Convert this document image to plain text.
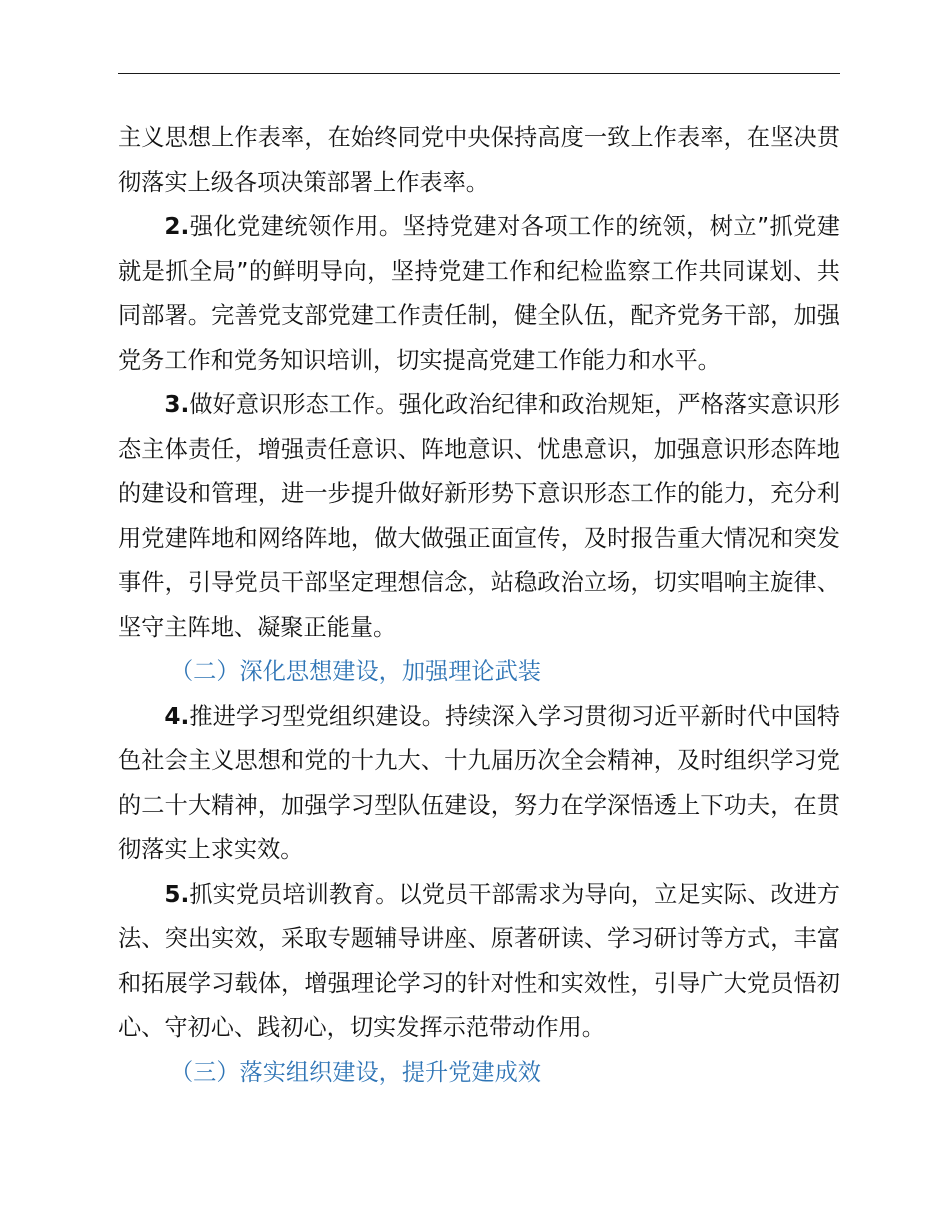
主义思想上作表率，在始终同党中央保持高度一致上作表率，在坚决贯彻落实上级各项决策部署上作表率。

2.强化党建统领作用。坚持党建对各项工作的统领，树立”抓党建就是抓全局”的鲜明导向，坚持党建工作和纪检监察工作共同谋划、共同部署。完善党支部党建工作责任制，健全队伍，配齐党务干部，加强党务工作和党务知识培训，切实提高党建工作能力和水平。

3.做好意识形态工作。强化政治纪律和政治规矩，严格落实意识形态主体责任，增强责任意识、阵地意识、忧患意识，加强意识形态阵地的建设和管理，进一步提升做好新形势下意识形态工作的能力，充分利用党建阵地和网络阵地，做大做强正面宣传，及时报告重大情况和突发事件，引导党员干部坚定理想信念，站稳政治立场，切实唱响主旋律、坚守主阵地、凝聚正能量。

（二）深化思想建设，加强理论武装

4.推进学习型党组织建设。持续深入学习贯彻习近平新时代中国特色社会主义思想和党的十九大、十九届历次全会精神，及时组织学习党的二十大精神，加强学习型队伍建设，努力在学深悟透上下功夫，在贯彻落实上求实效。

5.抓实党员培训教育。以党员干部需求为导向，立足实际、改进方法、突出实效，采取专题辅导讲座、原著研读、学习研讨等方式，丰富和拓展学习载体，增强理论学习的针对性和实效性，引导广大党员悟初心、守初心、践初心，切实发挥示范带动作用。

（三）落实组织建设，提升党建成效
